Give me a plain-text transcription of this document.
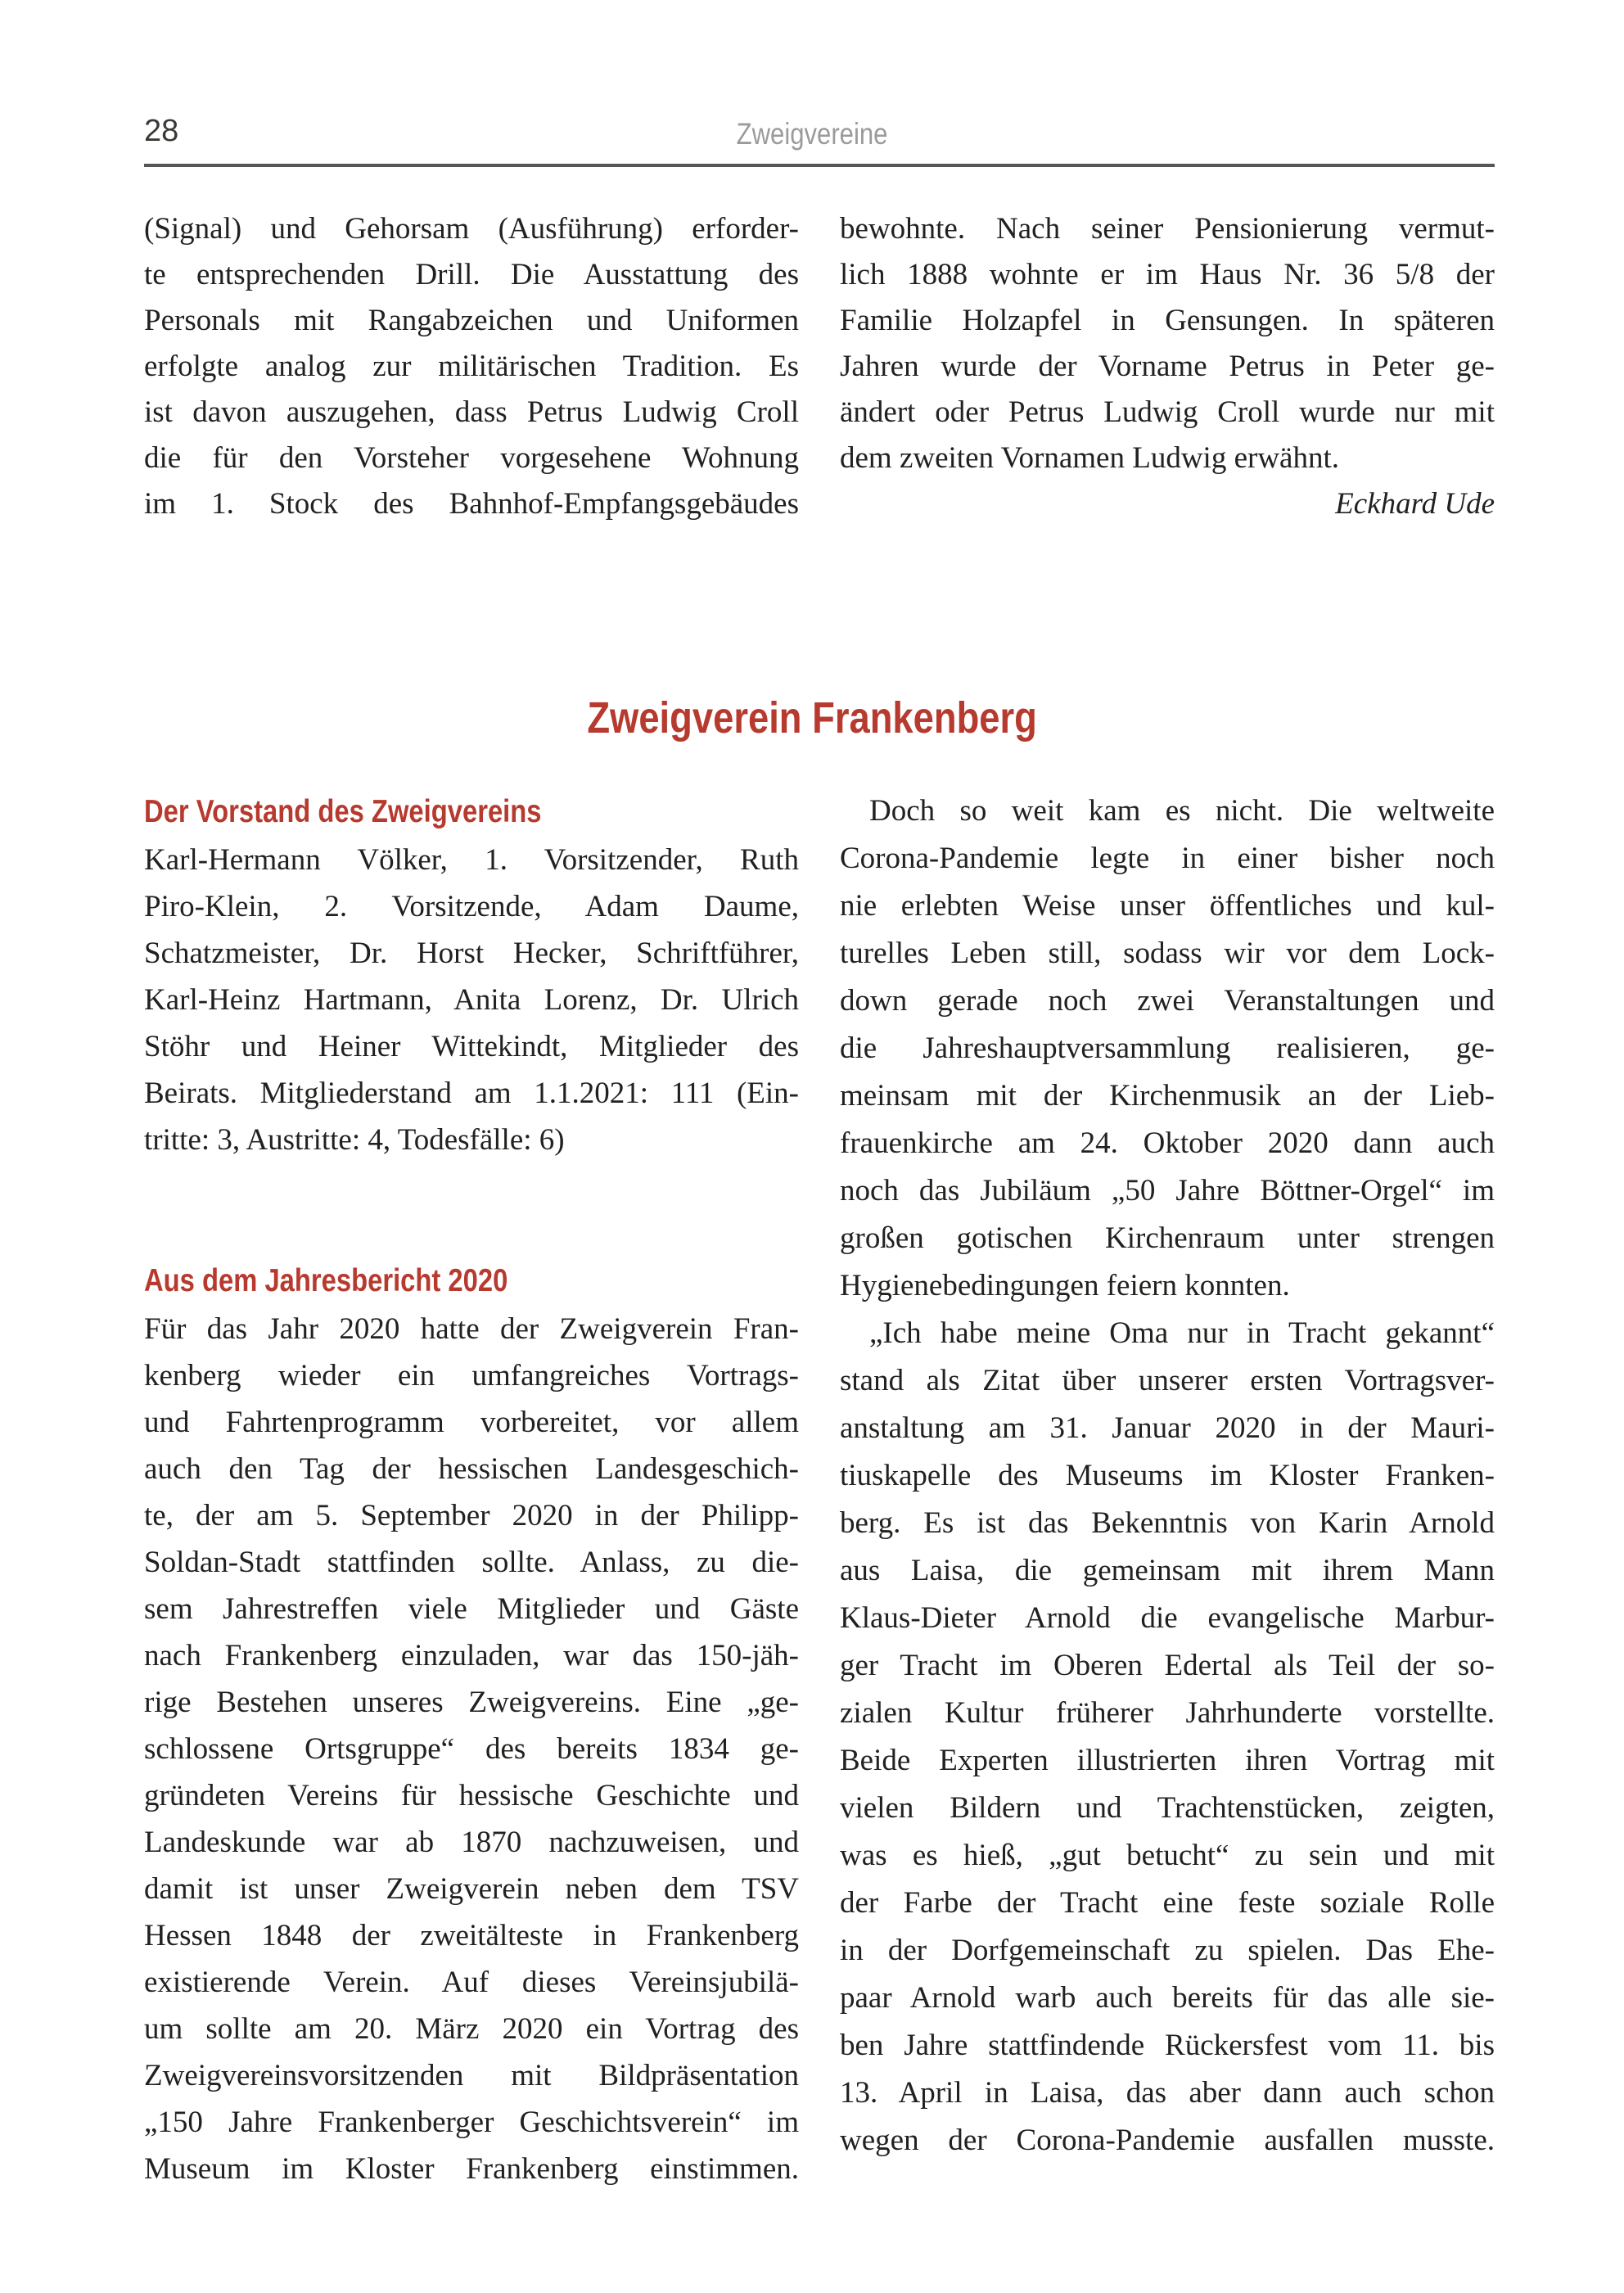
28	Zweigvereine
(Signal) und Gehorsam (Ausführung) erforder-
te entsprechenden Drill. Die Ausstattung des
Personals mit Rangabzeichen und Uniformen
erfolgte analog zur militärischen Tradition. Es
ist davon auszugehen, dass Petrus Ludwig Croll
die für den Vorsteher vorgesehene Wohnung
im 1. Stock des Bahnhof-Empfangsgebäudes
bewohnte. Nach seiner Pensionierung vermut-
lich 1888 wohnte er im Haus Nr. 36 5/8 der
Familie Holzapfel in Gensungen. In späteren
Jahren wurde der Vorname Petrus in Peter ge-
ändert oder Petrus Ludwig Croll wurde nur mit
dem zweiten Vornamen Ludwig erwähnt.
Eckhard Ude
Zweigverein Frankenberg
Der Vorstand des Zweigvereins
Karl-Hermann Völker, 1. Vorsitzender, Ruth
Piro-Klein, 2. Vorsitzende, Adam Daume,
Schatzmeister, Dr. Horst Hecker, Schriftführer,
Karl-Heinz Hartmann, Anita Lorenz, Dr. Ulrich
Stöhr und Heiner Wittekindt, Mitglieder des
Beirats. Mitgliederstand am 1.1.2021: 111 (Ein-
tritte: 3, Austritte: 4, Todesfälle: 6)
Aus dem Jahresbericht 2020
Für das Jahr 2020 hatte der Zweigverein Fran-
kenberg wieder ein umfangreiches Vortrags-
und Fahrtenprogramm vorbereitet, vor allem
auch den Tag der hessischen Landesgeschich-
te, der am 5. September 2020 in der Philipp-
Soldan-Stadt stattfinden sollte. Anlass, zu die-
sem Jahrestreffen viele Mitglieder und Gäste
nach Frankenberg einzuladen, war das 150-jäh-
rige Bestehen unseres Zweigvereins. Eine „ge-
schlossene Ortsgruppe“ des bereits 1834 ge-
gründeten Vereins für hessische Geschichte und
Landeskunde war ab 1870 nachzuweisen, und
damit ist unser Zweigverein neben dem TSV
Hessen 1848 der zweitälteste in Frankenberg
existierende Verein. Auf dieses Vereinsjubilä-
um sollte am 20. März 2020 ein Vortrag des
Zweigvereinsvorsitzenden mit Bildpräsentation
„150 Jahre Frankenberger Geschichtsverein“ im
Museum im Kloster Frankenberg einstimmen.
Doch so weit kam es nicht. Die weltweite
Corona-Pandemie legte in einer bisher noch
nie erlebten Weise unser öffentliches und kul-
turelles Leben still, sodass wir vor dem Lock-
down gerade noch zwei Veranstaltungen und
die Jahreshauptversammlung realisieren, ge-
meinsam mit der Kirchenmusik an der Lieb-
frauenkirche am 24. Oktober 2020 dann auch
noch das Jubiläum „50 Jahre Böttner-Orgel“ im
großen gotischen Kirchenraum unter strengen
Hygienebedingungen feiern konnten.
„Ich habe meine Oma nur in Tracht gekannt“
stand als Zitat über unserer ersten Vortragsver-
anstaltung am 31. Januar 2020 in der Mauri-
tiuskapelle des Museums im Kloster Franken-
berg. Es ist das Bekenntnis von Karin Arnold
aus Laisa, die gemeinsam mit ihrem Mann
Klaus-Dieter Arnold die evangelische Marbur-
ger Tracht im Oberen Edertal als Teil der so-
zialen Kultur früherer Jahrhunderte vorstellte.
Beide Experten illustrierten ihren Vortrag mit
vielen Bildern und Trachtenstücken, zeigten,
was es hieß, „gut betucht“ zu sein und mit
der Farbe der Tracht eine feste soziale Rolle
in der Dorfgemeinschaft zu spielen. Das Ehe-
paar Arnold warb auch bereits für das alle sie-
ben Jahre stattfindende Rückersfest vom 11. bis
13. April in Laisa, das aber dann auch schon
wegen der Corona-Pandemie ausfallen musste.
